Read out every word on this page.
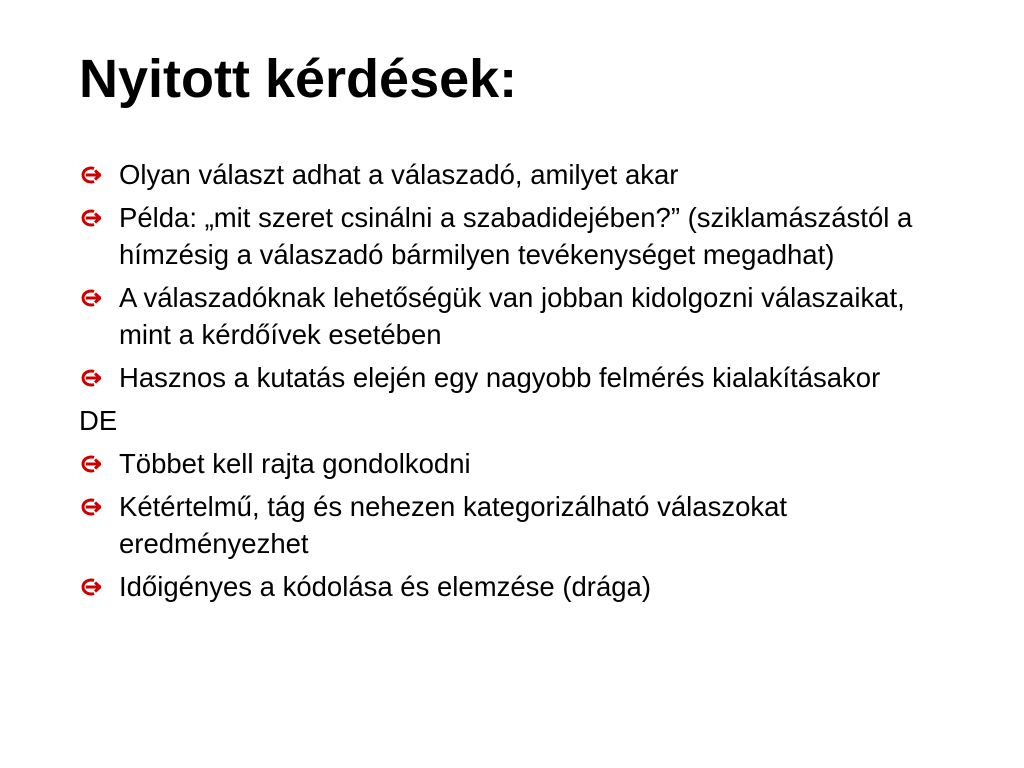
Nyitott kérdések:
Olyan választ adhat a válaszadó, amilyet akar
Példa: „mit szeret csinálni a szabadidejében?” (sziklamászástól a hímzésig a válaszadó bármilyen tevékenységet megadhat)
A válaszadóknak lehetőségük van jobban kidolgozni válaszaikat, mint a kérdőívek esetében
Hasznos a kutatás elején egy nagyobb felmérés kialakításakor
DE
Többet kell rajta gondolkodni
Kétértelmű, tág és nehezen kategorizálható válaszokat eredményezhet
Időigényes a kódolása és elemzése (drága)
